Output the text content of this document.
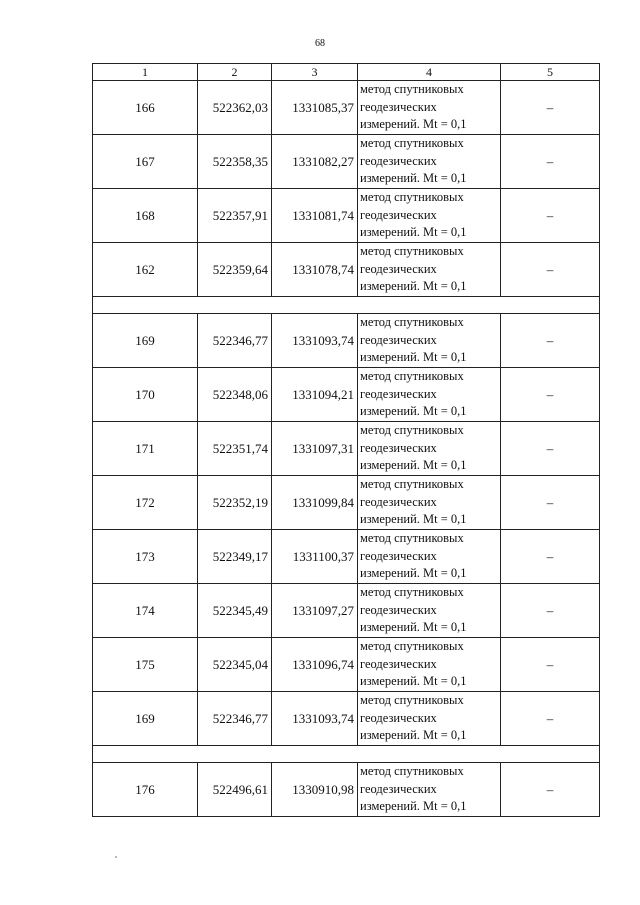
68
1	2	3	4	5
166	522362,03	1331085,37	метод спутниковых
геодезических
измерений. Mt = 0,1	–
167	522358,35	1331082,27	метод спутниковых
геодезических
измерений. Mt = 0,1	–
168	522357,91	1331081,74	метод спутниковых
геодезических
измерений. Mt = 0,1	–
162	522359,64	1331078,74	метод спутниковых
геодезических
измерений. Mt = 0,1	–

169	522346,77	1331093,74	метод спутниковых
геодезических
измерений. Mt = 0,1	–
170	522348,06	1331094,21	метод спутниковых
геодезических
измерений. Mt = 0,1	–
171	522351,74	1331097,31	метод спутниковых
геодезических
измерений. Mt = 0,1	–
172	522352,19	1331099,84	метод спутниковых
геодезических
измерений. Mt = 0,1	–
173	522349,17	1331100,37	метод спутниковых
геодезических
измерений. Mt = 0,1	–
174	522345,49	1331097,27	метод спутниковых
геодезических
измерений. Mt = 0,1	–
175	522345,04	1331096,74	метод спутниковых
геодезических
измерений. Mt = 0,1	–
169	522346,77	1331093,74	метод спутниковых
геодезических
измерений. Mt = 0,1	–

176	522496,61	1330910,98	метод спутниковых
геодезических
измерений. Mt = 0,1	–
